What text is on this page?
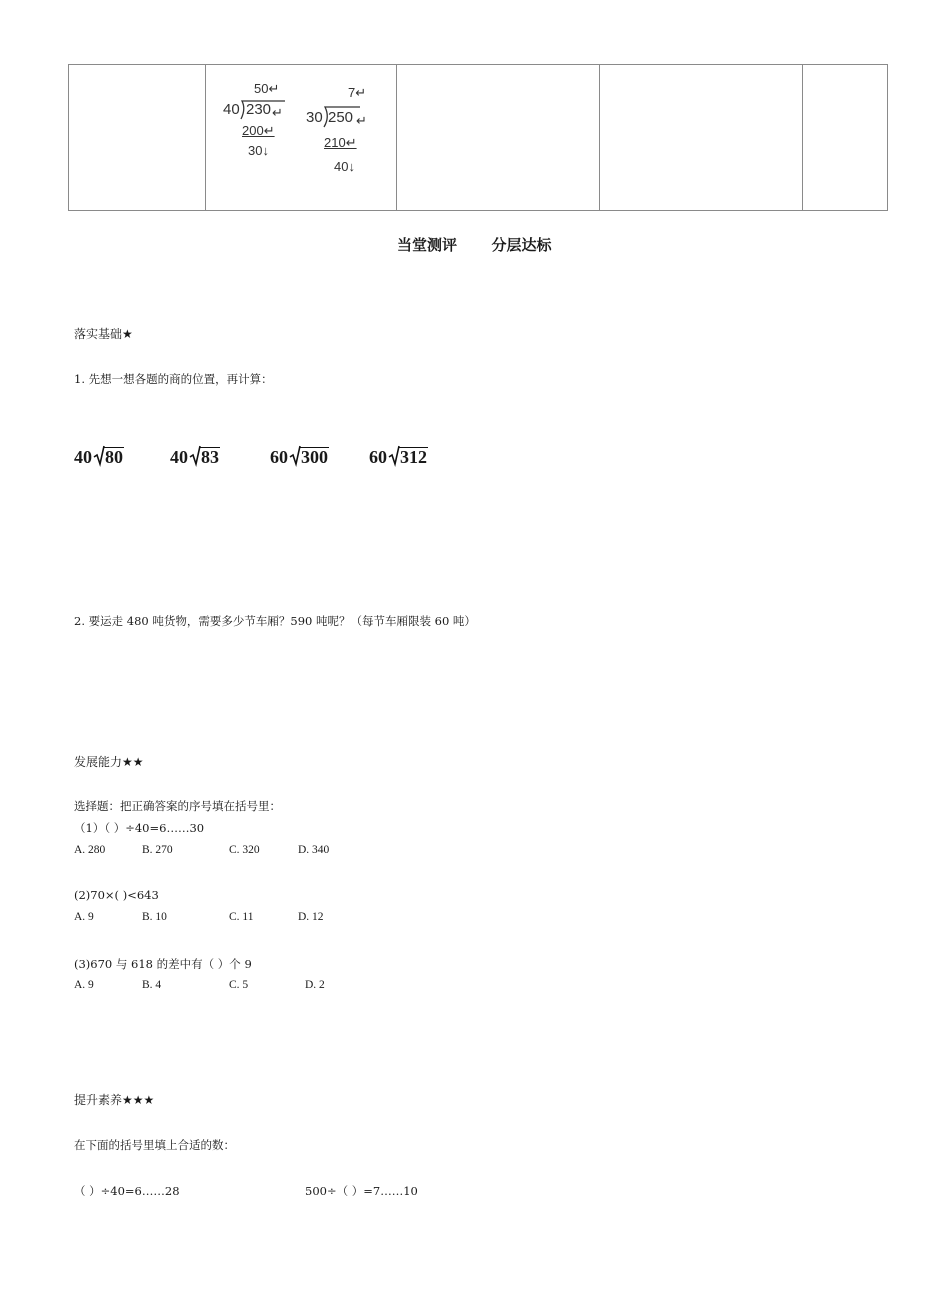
50↵
40 230 ↵
200↵
30↓
7↵
30 250 ↵
210↵
40↓

当堂测评 分层达标
落实基础★
1. 先想一想各题的商的位置，再计算：
40 80	40 83	60 300 60 312
2. 要运走 480 吨货物，需要多少节车厢？590 吨呢？（每节车厢限装 60 吨）
发展能力★★
选择题：把正确答案的序号填在括号里：
（1）（ ）÷40=6……30
A. 280	B. 270	C. 320	D. 340
(2)70×( )<643
A. 9	B. 10	C. 11	D. 12
(3)670 与 618 的差中有（ ）个 9
A. 9	B. 4	C. 5	D. 2
提升素养★★★
在下面的括号里填上合适的数：
（ ）÷40=6……28	500÷（ ）=7……10
